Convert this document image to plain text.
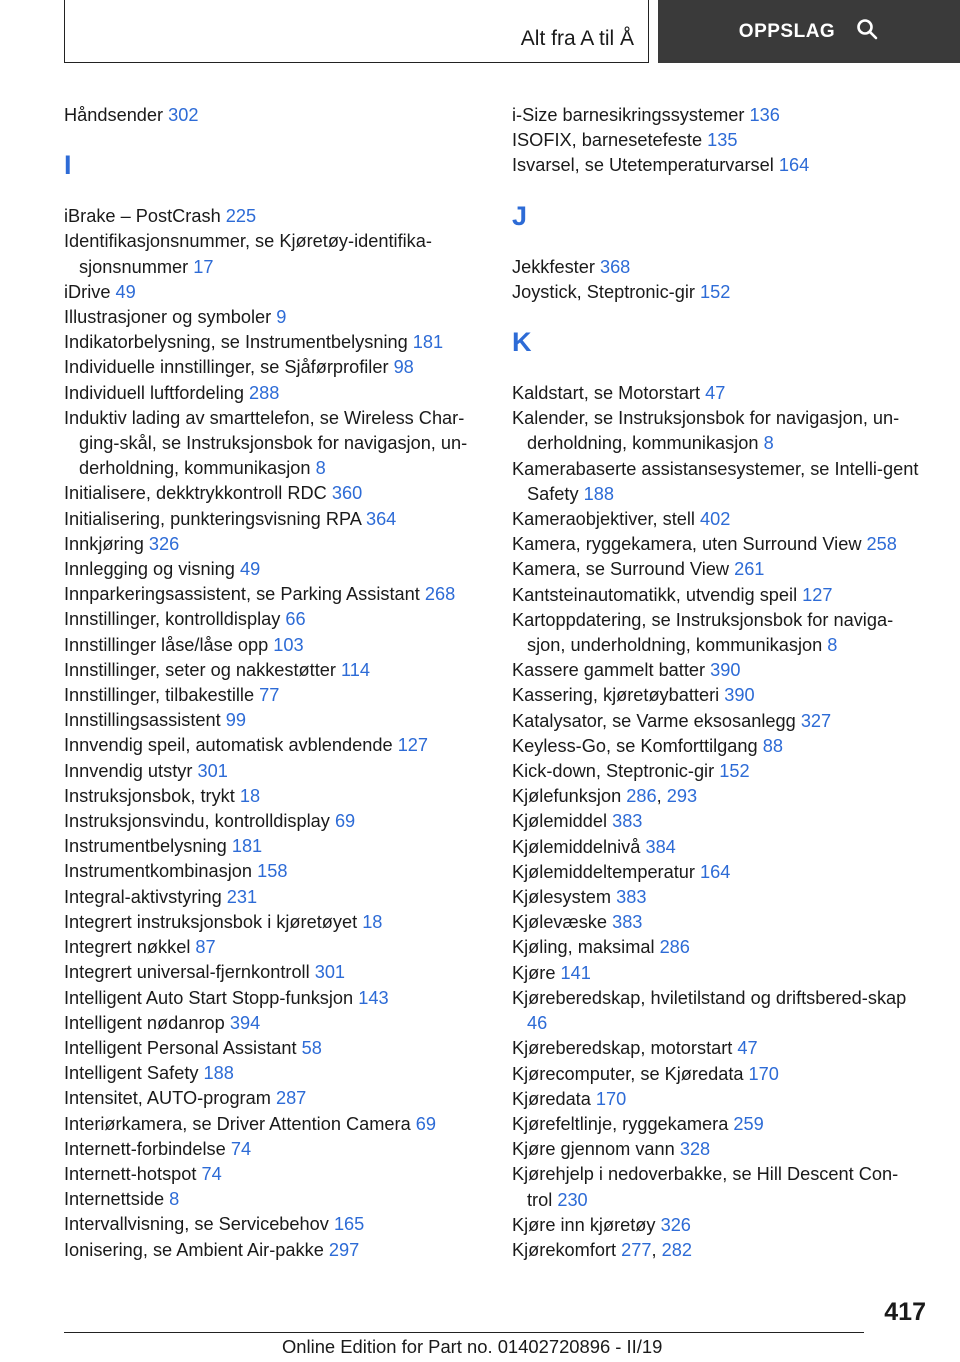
Alt fra A til Å	OPPSLAG
Håndsender 302
I
iBrake – PostCrash 225
Identifikasjonsnummer, se Kjøretøy-identifika‐sjonsnummer 17
iDrive 49
Illustrasjoner og symboler 9
Indikatorbelysning, se Instrumentbelysning 181
Individuelle innstillinger, se Sjåførprofiler 98
Individuell luftfordeling 288
Induktiv lading av smarttelefon, se Wireless Char‐ging-skål, se Instruksjonsbok for navigasjon, un‐derholdning, kommunikasjon 8
Initialisere, dekktrykkontroll RDC 360
Initialisering, punkteringsvisning RPA 364
Innkjøring 326
Innlegging og visning 49
Innparkeringsassistent, se Parking Assistant 268
Innstillinger, kontrolldisplay 66
Innstillinger låse/låse opp 103
Innstillinger, seter og nakkestøtter 114
Innstillinger, tilbakestille 77
Innstillingsassistent 99
Innvendig speil, automatisk avblendende 127
Innvendig utstyr 301
Instruksjonsbok, trykt 18
Instruksjonsvindu, kontrolldisplay 69
Instrumentbelysning 181
Instrumentkombinasjon 158
Integral-aktivstyring 231
Integrert instruksjonsbok i kjøretøyet 18
Integrert nøkkel 87
Integrert universal-fjernkontroll 301
Intelligent Auto Start Stopp-funksjon 143
Intelligent nødanrop 394
Intelligent Personal Assistant 58
Intelligent Safety 188
Intensitet, AUTO-program 287
Interiørkamera, se Driver Attention Camera 69
Internett-forbindelse 74
Internett-hotspot 74
Internettside 8
Intervallvisning, se Servicebehov 165
Ionisering, se Ambient Air-pakke 297
i-Size barnesikringssystemer 136
ISOFIX, barnesetefeste 135
Isvarsel, se Utetemperaturvarsel 164
J
Jekkfester 368
Joystick, Steptronic-gir 152
K
Kaldstart, se Motorstart 47
Kalender, se Instruksjonsbok for navigasjon, un‐derholdning, kommunikasjon 8
Kamerabaserte assistansesystemer, se Intelli‐gent Safety 188
Kameraobjektiver, stell 402
Kamera, ryggekamera, uten Surround View 258
Kamera, se Surround View 261
Kantsteinautomatikk, utvendig speil 127
Kartoppdatering, se Instruksjonsbok for naviga‐sjon, underholdning, kommunikasjon 8
Kassere gammelt batter 390
Kassering, kjøretøybatteri 390
Katalysator, se Varme eksosanlegg 327
Keyless-Go, se Komforttilgang 88
Kick-down, Steptronic-gir 152
Kjølefunksjon 286, 293
Kjølemiddel 383
Kjølemiddelnivå 384
Kjølemiddeltemperatur 164
Kjølesystem 383
Kjølevæske 383
Kjøling, maksimal 286
Kjøre 141
Kjøreberedskap, hviletilstand og driftsbered‐skap 46
Kjøreberedskap, motorstart 47
Kjørecomputer, se Kjøredata 170
Kjøredata 170
Kjørefeltlinje, ryggekamera 259
Kjøre gjennom vann 328
Kjørehjelp i nedoverbakke, se Hill Descent Con‐trol 230
Kjøre inn kjøretøy 326
Kjørekomfort 277, 282
417
Online Edition for Part no. 01402720896 - II/19
